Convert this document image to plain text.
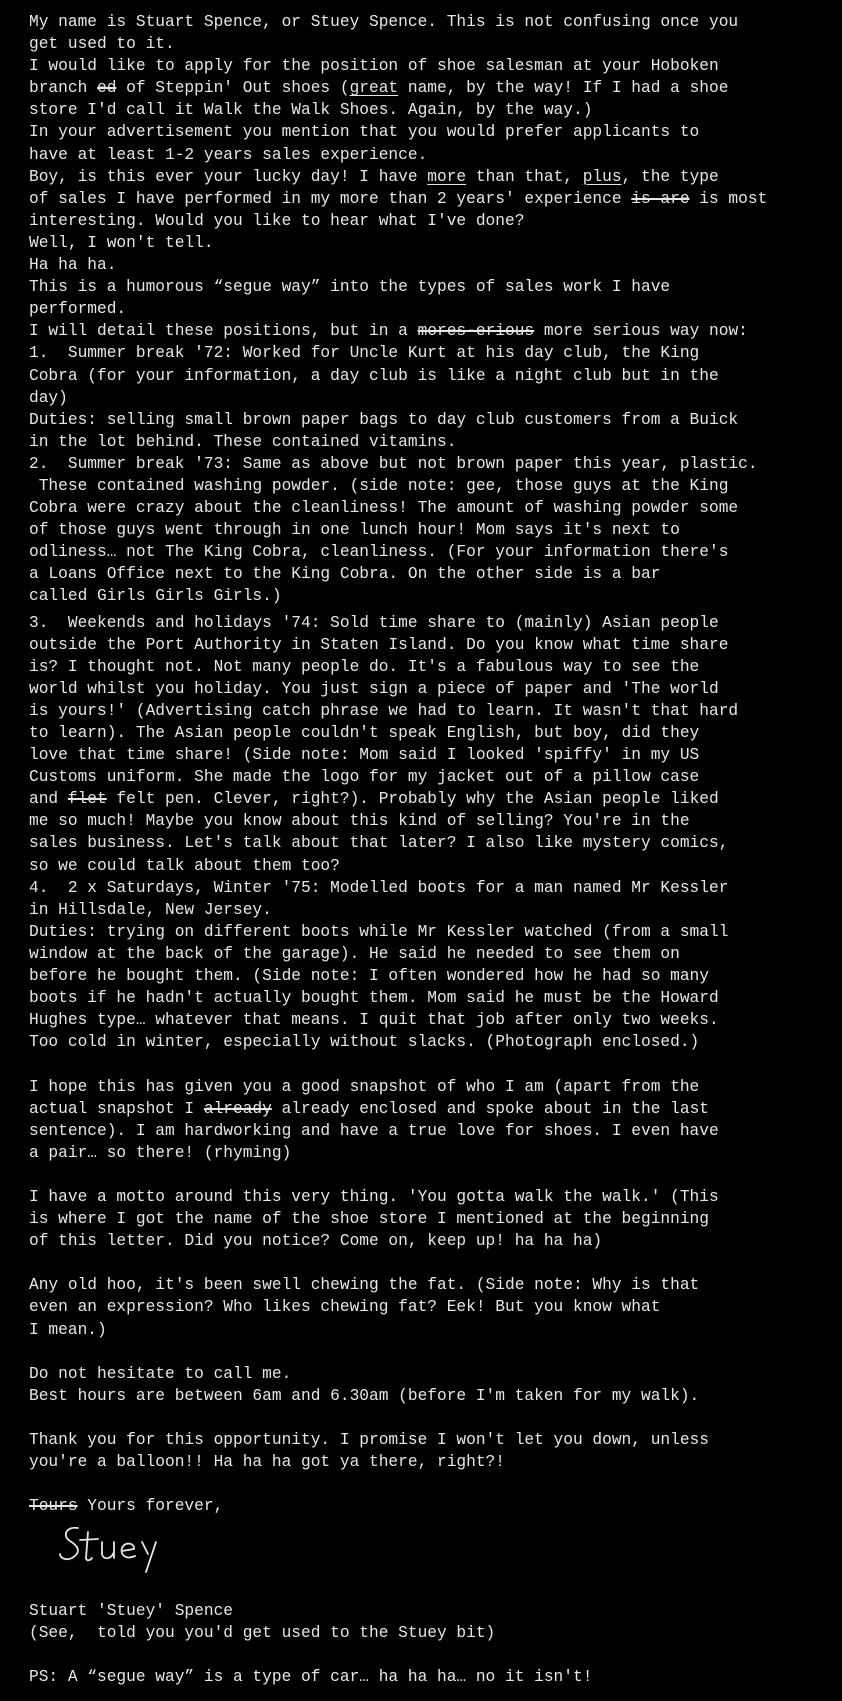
My name is Stuart Spence, or Stuey Spence. This is not confusing once you
get used to it.
I would like to apply for the position of shoe salesman at your Hoboken
branch ed of Steppin' Out shoes (great name, by the way! If I had a shoe
store I'd call it Walk the Walk Shoes. Again, by the way.)
In your advertisement you mention that you would prefer applicants to
have at least 1-2 years sales experience.
Boy, is this ever your lucky day! I have more than that, plus, the type
of sales I have performed in my more than 2 years' experience is are is most
interesting. Would you like to hear what I've done?
Well, I won't tell.
Ha ha ha.
This is a humorous “segue way” into the types of sales work I have
performed.
I will detail these positions, but in a mores-erious more serious way now:
1.  Summer break '72: Worked for Uncle Kurt at his day club, the King
Cobra (for your information, a day club is like a night club but in the
day)
Duties: selling small brown paper bags to day club customers from a Buick
in the lot behind. These contained vitamins.
2.  Summer break '73: Same as above but not brown paper this year, plastic.
These contained washing powder. (side note: gee, those guys at the King
Cobra were crazy about the cleanliness! The amount of washing powder some
of those guys went through in one lunch hour! Mom says it's next to
odliness… not The King Cobra, cleanliness. (For your information there's
a Loans Office next to the King Cobra. On the other side is a bar
called Girls Girls Girls.)
3.  Weekends and holidays '74: Sold time share to (mainly) Asian people
outside the Port Authority in Staten Island. Do you know what time share
is? I thought not. Not many people do. It's a fabulous way to see the
world whilst you holiday. You just sign a piece of paper and 'The world
is yours!' (Advertising catch phrase we had to learn. It wasn't that hard
to learn). The Asian people couldn't speak English, but boy, did they
love that time share! (Side note: Mom said I looked 'spiffy' in my US
Customs uniform. She made the logo for my jacket out of a pillow case
and flet felt pen. Clever, right?). Probably why the Asian people liked
me so much! Maybe you know about this kind of selling? You're in the
sales business. Let's talk about that later? I also like mystery comics,
so we could talk about them too?
4.  2 x Saturdays, Winter '75: Modelled boots for a man named Mr Kessler
in Hillsdale, New Jersey.
Duties: trying on different boots while Mr Kessler watched (from a small
window at the back of the garage). He said he needed to see them on
before he bought them. (Side note: I often wondered how he had so many
boots if he hadn't actually bought them. Mom said he must be the Howard
Hughes type… whatever that means. I quit that job after only two weeks.
Too cold in winter, especially without slacks. (Photograph enclosed.)
I hope this has given you a good snapshot of who I am (apart from the
actual snapshot I already already enclosed and spoke about in the last
sentence). I am hardworking and have a true love for shoes. I even have
a pair… so there! (rhyming)
I have a motto around this very thing. 'You gotta walk the walk.' (This
is where I got the name of the shoe store I mentioned at the beginning
of this letter. Did you notice? Come on, keep up! ha ha ha)
Any old hoo, it's been swell chewing the fat. (Side note: Why is that
even an expression? Who likes chewing fat? Eek! But you know what
I mean.)
Do not hesitate to call me.
Best hours are between 6am and 6.30am (before I'm taken for my walk).
Thank you for this opportunity. I promise I won't let you down, unless
you're a balloon!! Ha ha ha got ya there, right?!
Tours Yours forever,
Stuart 'Stuey' Spence
(See,  told you you'd get used to the Stuey bit)
PS: A “segue way” is a type of car… ha ha ha… no it isn't!
